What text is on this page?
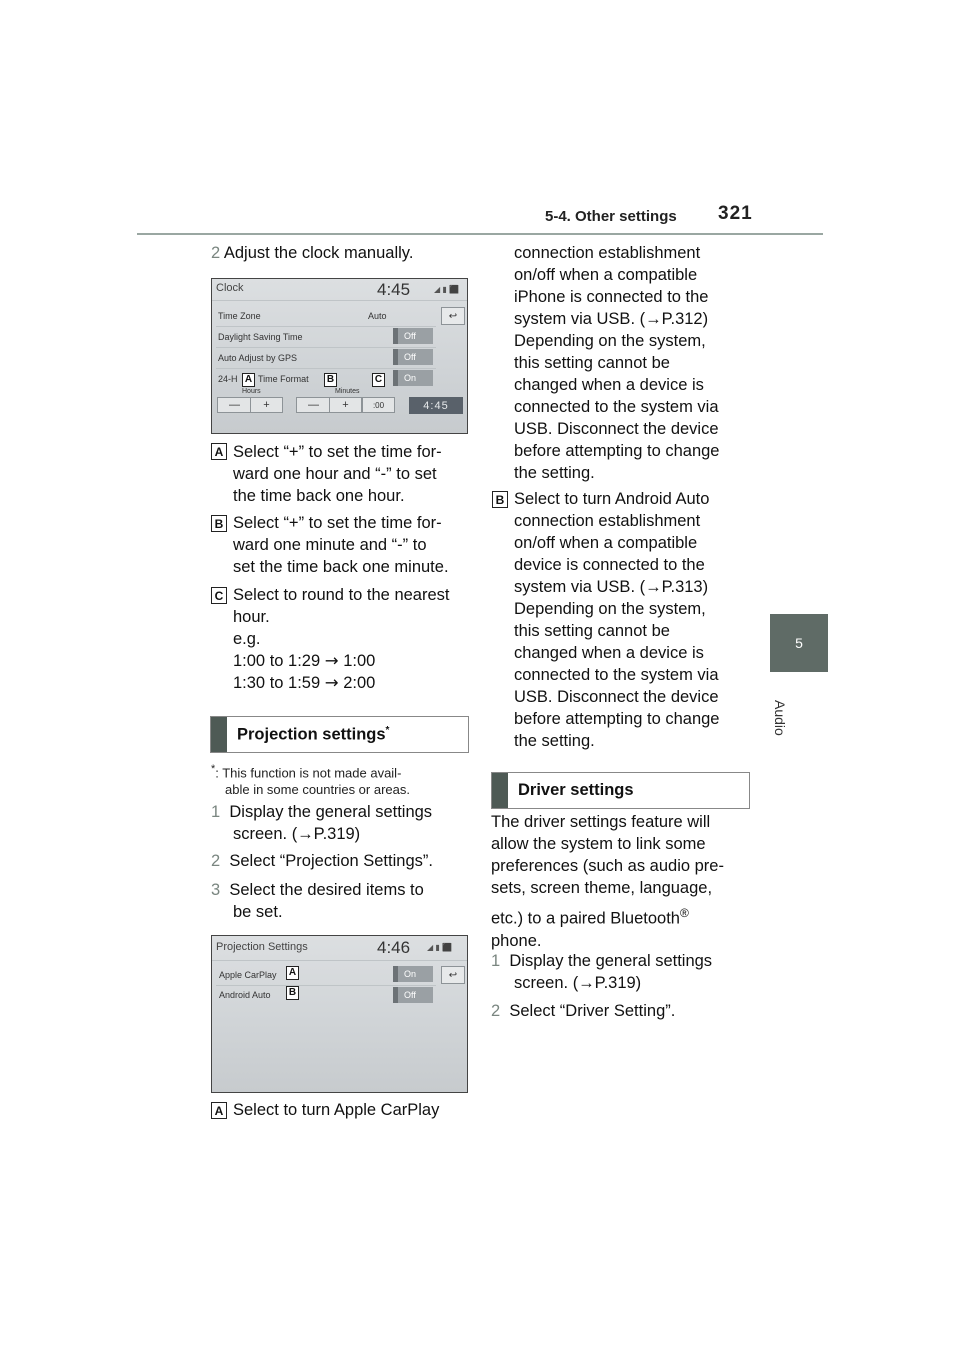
5-4. Other settings 321
5
Audio
2 Adjust the clock manually.
Clock	4:45	◢ ▮ ⬛
Time Zone	Auto	↩
Daylight Saving Time	Off
Auto Adjust by GPS	Off
24-H Time Format	On
A	B	C
Hours	Minutes
—	+	—	+	:00	4:45
A Select “+” to set the time for-
ward one hour and “-” to set
the time back one hour.
B Select “+” to set the time for-
ward one minute and “-” to
set the time back one minute.
C Select to round to the nearest
hour.
e.g.
1:00 to 1:29 → 1:00
1:30 to 1:59 → 2:00
Projection settings*
*: This function is not made avail-
able in some countries or areas.
1 Display the general settings
screen. (→P.319)
2 Select “Projection Settings”.
3 Select the desired items to
be set.
Projection Settings	4:46 ◢ ▮ ⬛
Apple CarPlay A	On	↩
Android Auto B	Off
A Select to turn Apple CarPlay
connection establishment
on/off when a compatible
iPhone is connected to the
system via USB. (→P.312)
Depending on the system,
this setting cannot be
changed when a device is
connected to the system via
USB. Disconnect the device
before attempting to change
the setting.
B Select to turn Android Auto
connection establishment
on/off when a compatible
device is connected to the
system via USB. (→P.313)
Depending on the system,
this setting cannot be
changed when a device is
connected to the system via
USB. Disconnect the device
before attempting to change
the setting.
Driver settings
The driver settings feature will
allow the system to link some
preferences (such as audio pre-
sets, screen theme, language,
etc.) to a paired Bluetooth®
phone.
1 Display the general settings
screen. (→P.319)
2 Select “Driver Setting”.
